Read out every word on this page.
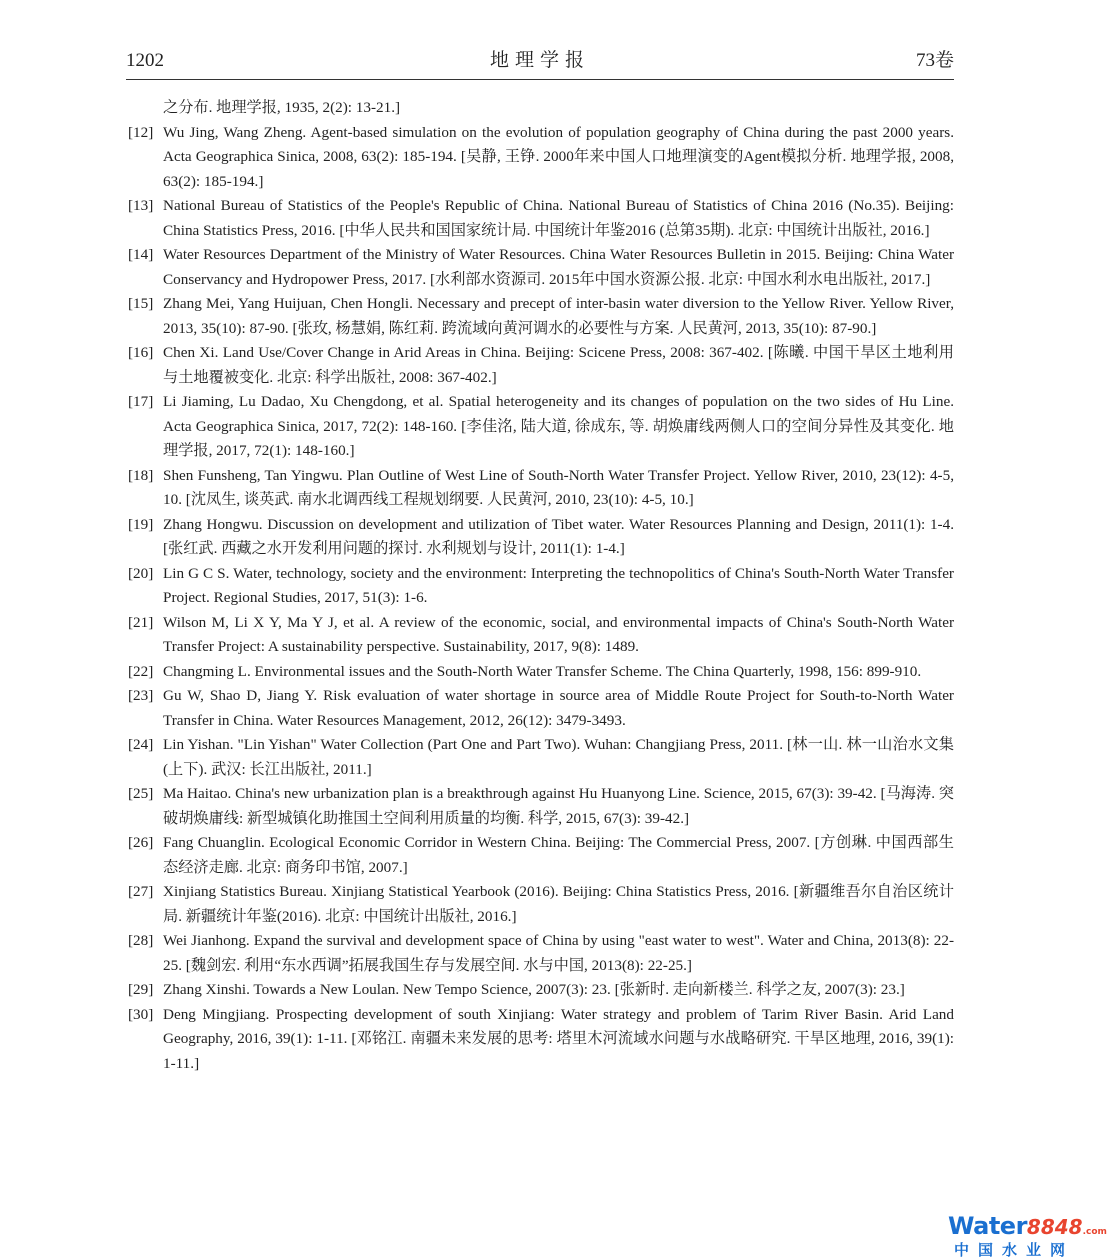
1202	地理学报	73卷
之分布. 地理学报, 1935, 2(2): 13-21.]
[12] Wu Jing, Wang Zheng. Agent-based simulation on the evolution of population geography of China during the past 2000 years. Acta Geographica Sinica, 2008, 63(2): 185-194. [吴静, 王铮. 2000年来中国人口地理演变的Agent模拟分析. 地理学报, 2008, 63(2): 185-194.]
[13] National Bureau of Statistics of the People's Republic of China. National Bureau of Statistics of China 2016 (No.35). Beijing: China Statistics Press, 2016. [中华人民共和国国家统计局. 中国统计年鉴2016 (总第35期). 北京: 中国统计出版社, 2016.]
[14] Water Resources Department of the Ministry of Water Resources. China Water Resources Bulletin in 2015. Beijing: China Water Conservancy and Hydropower Press, 2017. [水利部水资源司. 2015年中国水资源公报. 北京: 中国水利水电出版社, 2017.]
[15] Zhang Mei, Yang Huijuan, Chen Hongli. Necessary and precept of inter-basin water diversion to the Yellow River. Yellow River, 2013, 35(10): 87-90. [张玫, 杨慧娟, 陈红莉. 跨流域向黄河调水的必要性与方案. 人民黄河, 2013, 35(10): 87-90.]
[16] Chen Xi. Land Use/Cover Change in Arid Areas in China. Beijing: Scicene Press, 2008: 367-402. [陈曦. 中国干旱区土地利用与土地覆被变化. 北京: 科学出版社, 2008: 367-402.]
[17] Li Jiaming, Lu Dadao, Xu Chengdong, et al. Spatial heterogeneity and its changes of population on the two sides of Hu Line. Acta Geographica Sinica, 2017, 72(2): 148-160. [李佳洺, 陆大道, 徐成东, 等. 胡焕庸线两侧人口的空间分异性及其变化. 地理学报, 2017, 72(1): 148-160.]
[18] Shen Funsheng, Tan Yingwu. Plan Outline of West Line of South-North Water Transfer Project. Yellow River, 2010, 23(12): 4-5, 10. [沈凤生, 谈英武. 南水北调西线工程规划纲要. 人民黄河, 2010, 23(10): 4-5, 10.]
[19] Zhang Hongwu. Discussion on development and utilization of Tibet water. Water Resources Planning and Design, 2011(1): 1-4. [张红武. 西藏之水开发利用问题的探讨. 水利规划与设计, 2011(1): 1-4.]
[20] Lin G C S. Water, technology, society and the environment: Interpreting the technopolitics of China's South-North Water Transfer Project. Regional Studies, 2017, 51(3): 1-6.
[21] Wilson M, Li X Y, Ma Y J, et al. A review of the economic, social, and environmental impacts of China's South-North Water Transfer Project: A sustainability perspective. Sustainability, 2017, 9(8): 1489.
[22] Changming L. Environmental issues and the South-North Water Transfer Scheme. The China Quarterly, 1998, 156: 899-910.
[23] Gu W, Shao D, Jiang Y. Risk evaluation of water shortage in source area of Middle Route Project for South-to-North Water Transfer in China. Water Resources Management, 2012, 26(12): 3479-3493.
[24] Lin Yishan. "Lin Yishan" Water Collection (Part One and Part Two). Wuhan: Changjiang Press, 2011. [林一山. 林一山治水文集(上下). 武汉: 长江出版社, 2011.]
[25] Ma Haitao. China's new urbanization plan is a breakthrough against Hu Huanyong Line. Science, 2015, 67(3): 39-42. [马海涛. 突破胡焕庸线: 新型城镇化助推国土空间利用质量的均衡. 科学, 2015, 67(3): 39-42.]
[26] Fang Chuanglin. Ecological Economic Corridor in Western China. Beijing: The Commercial Press, 2007. [方创琳. 中国西部生态经济走廊. 北京: 商务印书馆, 2007.]
[27] Xinjiang Statistics Bureau. Xinjiang Statistical Yearbook (2016). Beijing: China Statistics Press, 2016. [新疆维吾尔自治区统计局. 新疆统计年鉴(2016). 北京: 中国统计出版社, 2016.]
[28] Wei Jianhong. Expand the survival and development space of China by using "east water to west". Water and China, 2013(8): 22-25. [魏剑宏. 利用“东水西调”拓展我国生存与发展空间. 水与中国, 2013(8): 22-25.]
[29] Zhang Xinshi. Towards a New Loulan. New Tempo Science, 2007(3): 23. [张新时. 走向新楼兰. 科学之友, 2007(3): 23.]
[30] Deng Mingjiang. Prospecting development of south Xinjiang: Water strategy and problem of Tarim River Basin. Arid Land Geography, 2016, 39(1): 1-11. [邓铭江. 南疆未来发展的思考: 塔里木河流域水问题与水战略研究. 干旱区地理, 2016, 39(1): 1-11.]
Water8848.com
中国水业网
